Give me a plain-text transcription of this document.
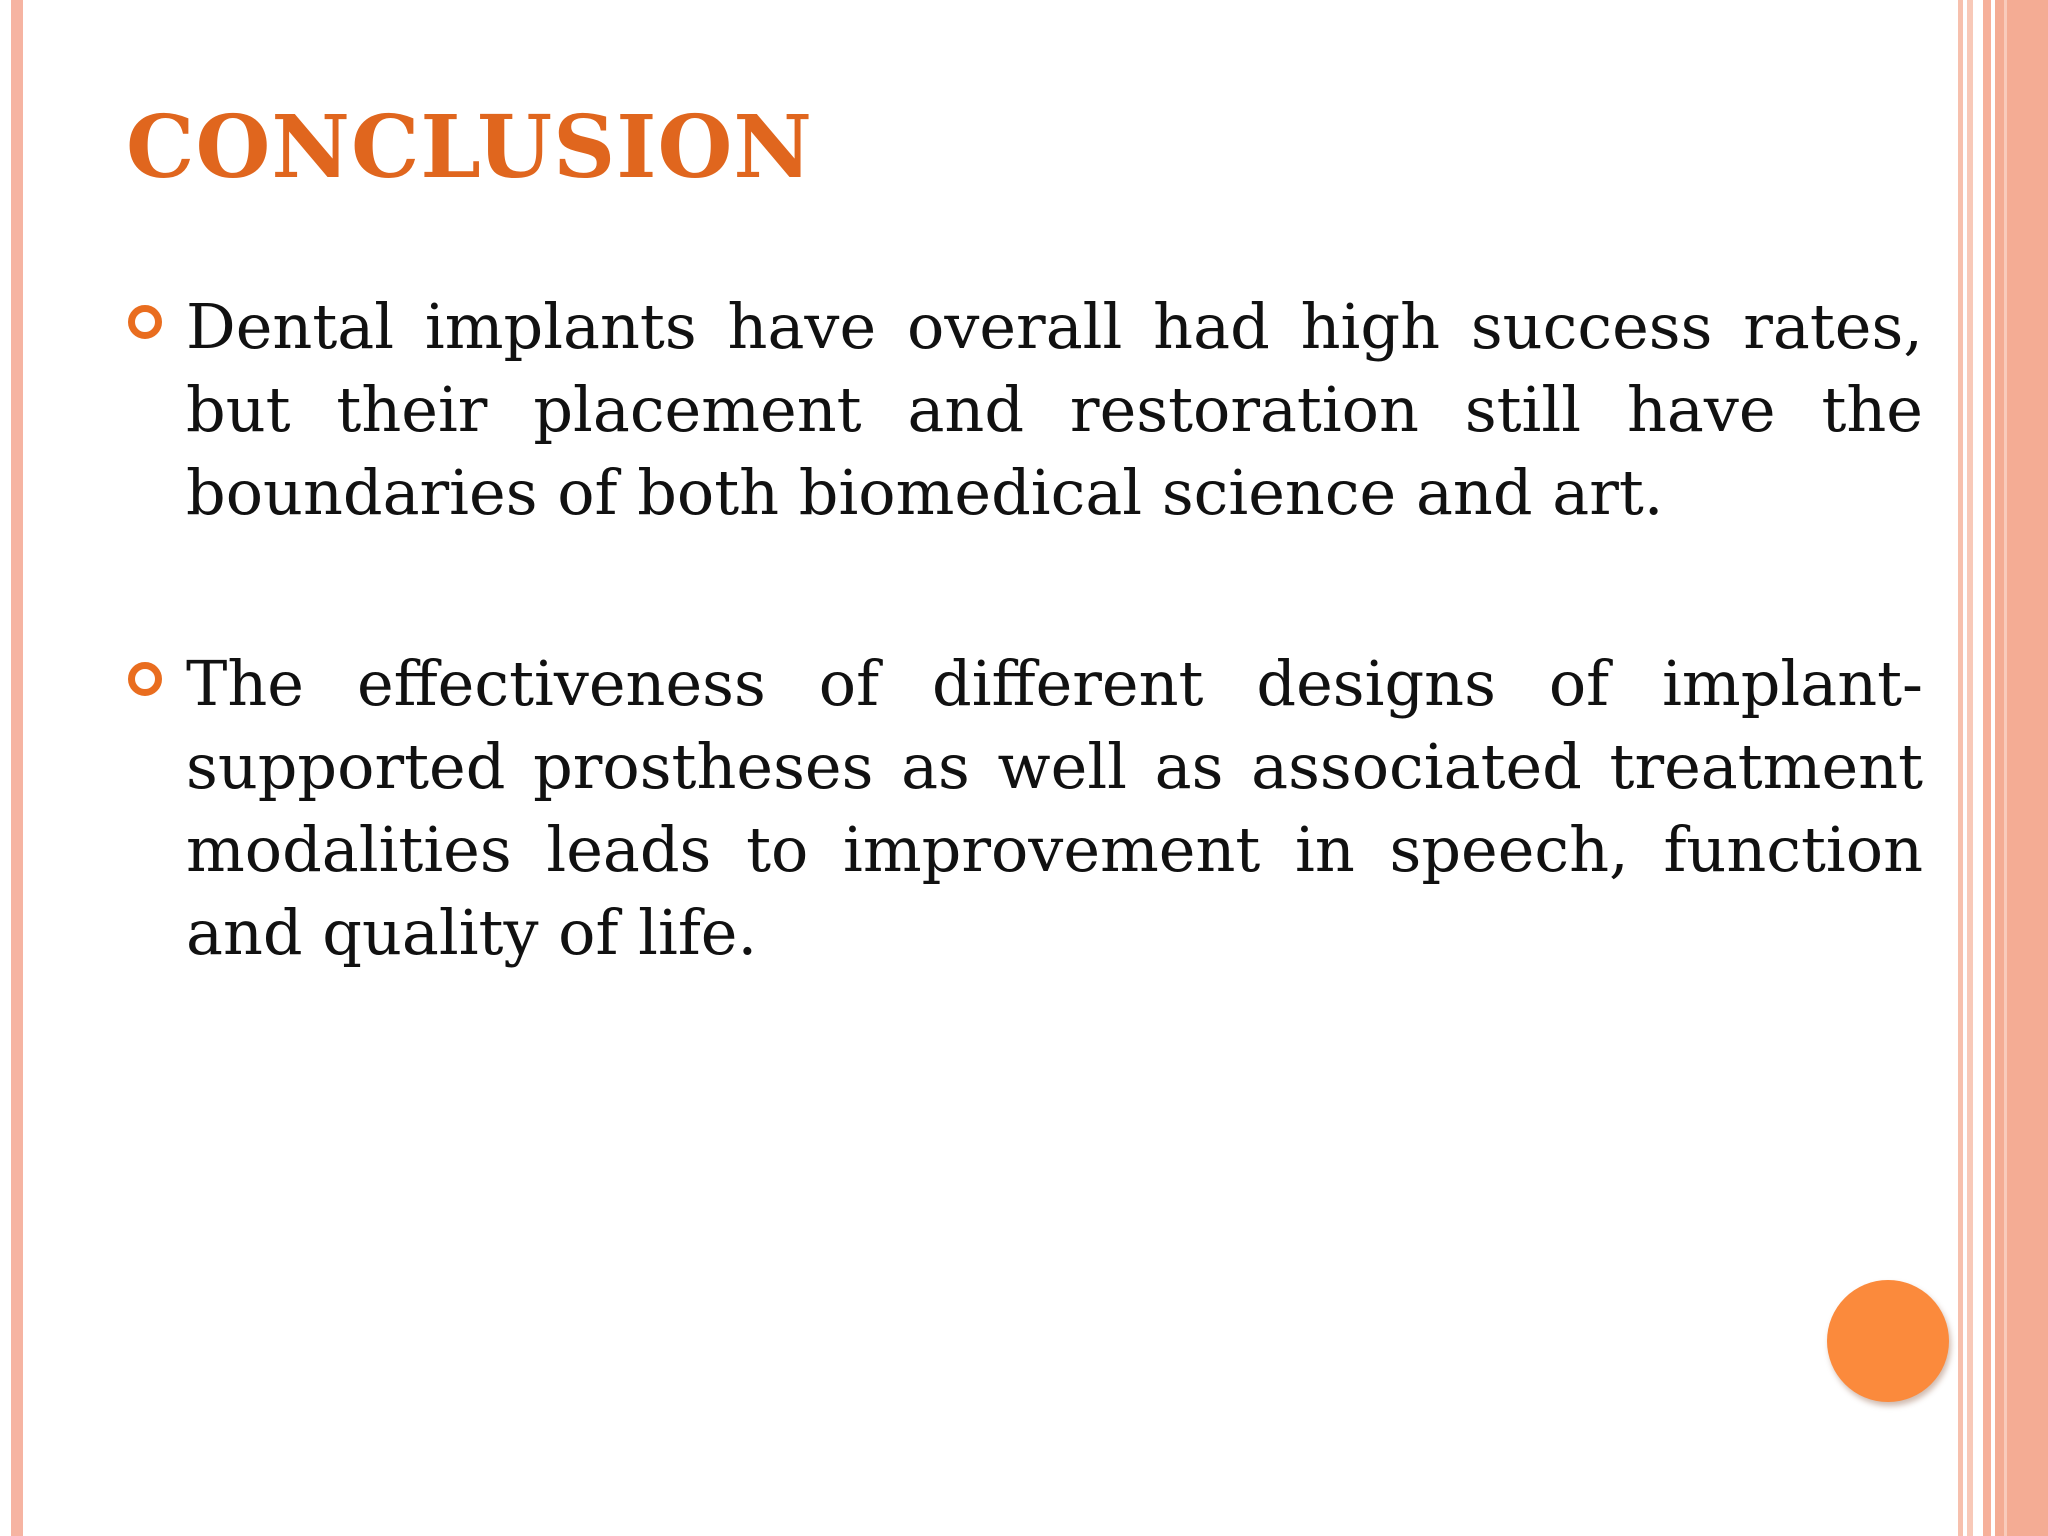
CONCLUSION
Dental implants have overall had high success rates, but their placement and restoration still have the boundaries of both biomedical science and art.
The effectiveness of different designs of implant-supported prostheses as well as associated treatment modalities leads to improvement in speech, function and quality of life.
